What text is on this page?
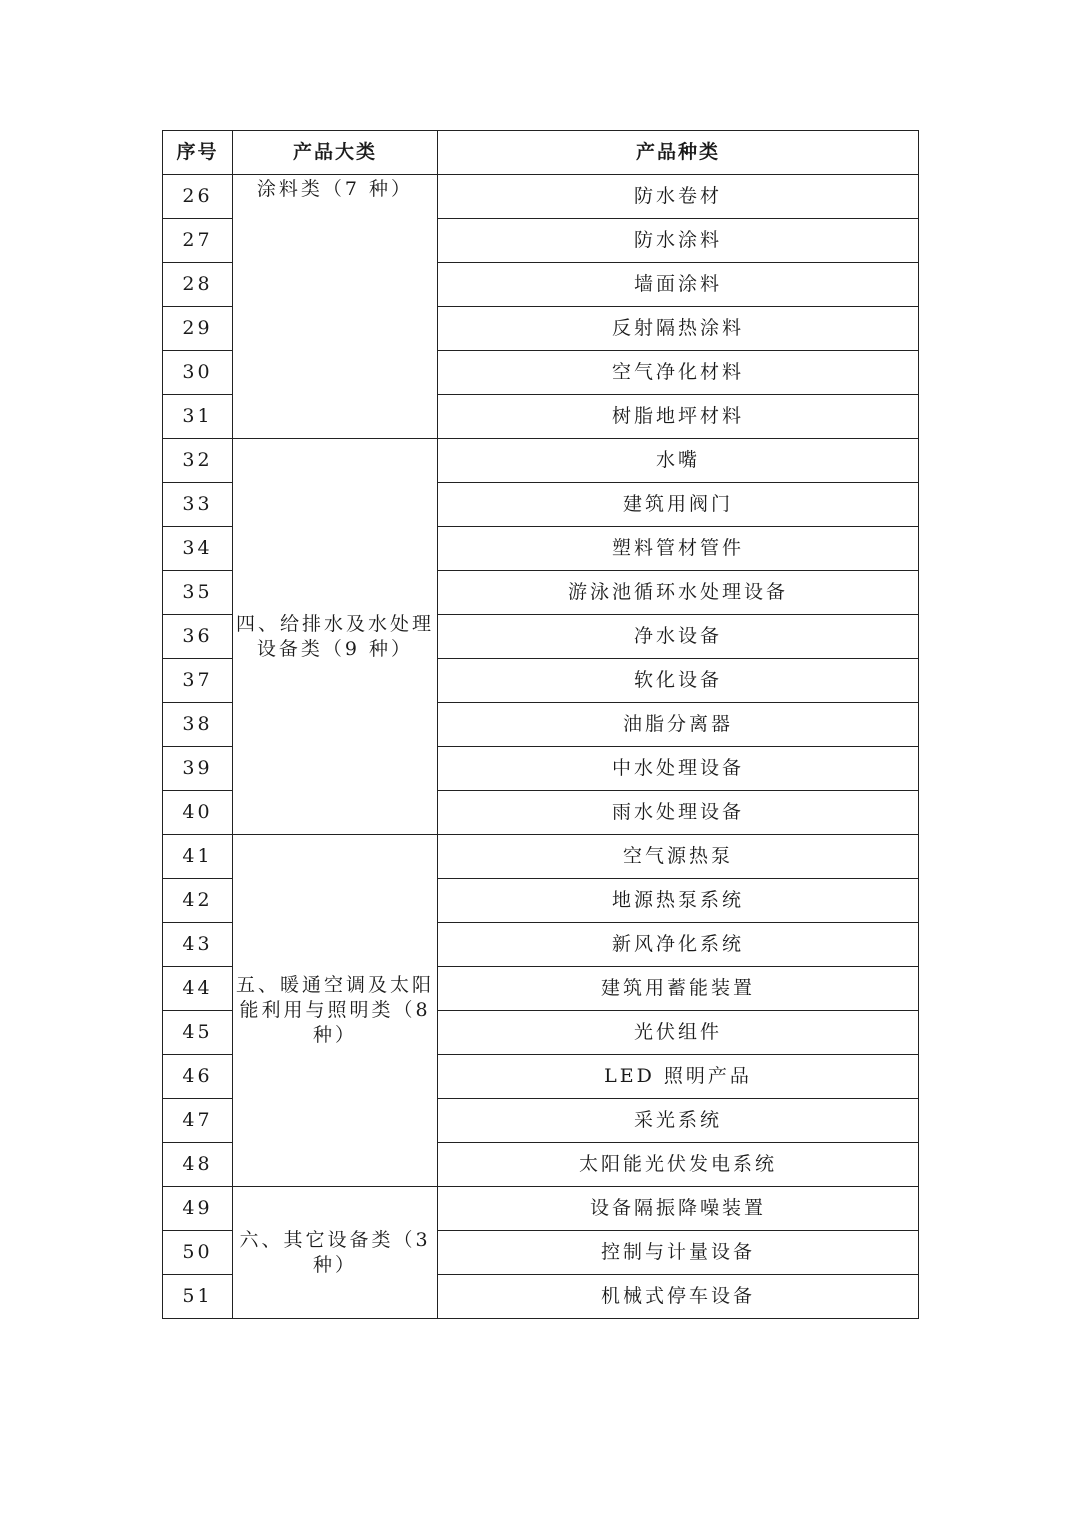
序号	产品大类	产品种类
26	涂料类（7 种）	防水卷材
27		防水涂料
28		墙面涂料
29		反射隔热涂料
30		空气净化材料
31		树脂地坪材料
32	四、给排水及水处理设备类（9 种）	水嘴
33		建筑用阀门
34		塑料管材管件
35		游泳池循环水处理设备
36		净水设备
37		软化设备
38		油脂分离器
39		中水处理设备
40		雨水处理设备
41	五、暖通空调及太阳能利用与照明类（8 种）	空气源热泵
42		地源热泵系统
43		新风净化系统
44		建筑用蓄能装置
45		光伏组件
46		LED 照明产品
47		采光系统
48		太阳能光伏发电系统
49	六、其它设备类（3 种）	设备隔振降噪装置
50		控制与计量设备
51		机械式停车设备
